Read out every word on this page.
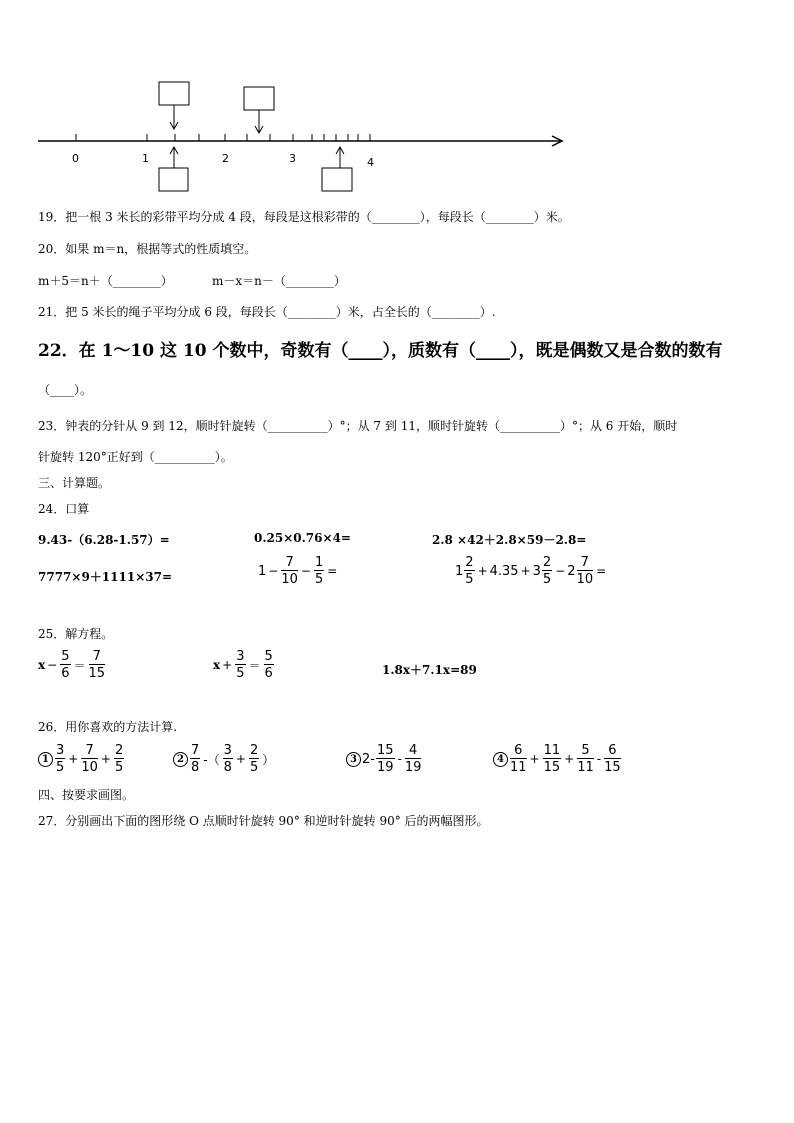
0	1	2	3	4
19．把一根 3 米长的彩带平均分成 4 段，每段是这根彩带的（________），每段长（________）米。
20．如果 m＝n，根据等式的性质填空。
m＋5＝n＋（________）	m－x＝n－（________）
21．把 5 米长的绳子平均分成 6 段，每段长（________）米，占全长的（________）.
22．在 1～10 这 10 个数中，奇数有（____），质数有（____），既是偶数又是合数的数有
（____）。
23．钟表的分针从 9 到 12，顺时针旋转（__________）°；从 7 到 11，顺时针旋转（__________）°；从 6 开始，顺时
针旋转 120°正好到（__________）。
三、计算题。
24．口算
9.43-（6.28-1.57）=	0.25×0.76×4=	2.8 ×42＋2.8×59－2.8=
7777×9＋1111×37=	$1 - \frac{7}{10} - \frac{1}{5}$ =	$1 \frac{2}{5} + 4.35 + 3 \frac{2}{5} - 2 \frac{7}{10}$ =
25．解方程。
$x - \frac{5}{6} = \frac{7}{15}$	$x + \frac{3}{5} = \frac{5}{6}$	1.8x＋7.1x=89
26．用你喜欢的方法计算.
$1 \frac{3}{5} + \frac{7}{10} + \frac{2}{5}$	$2 \frac{7}{8}$ -（ $\frac{3}{8} + \frac{2}{5}$ ）	3 $2- \frac{15}{19} - \frac{4}{19}$	$4 \frac{6}{11} + \frac{11}{15} + \frac{5}{11} - \frac{6}{15}$
四、按要求画图。
27．分别画出下面的图形绕 O 点顺时针旋转 90° 和逆时针旋转 90° 后的两幅图形。
